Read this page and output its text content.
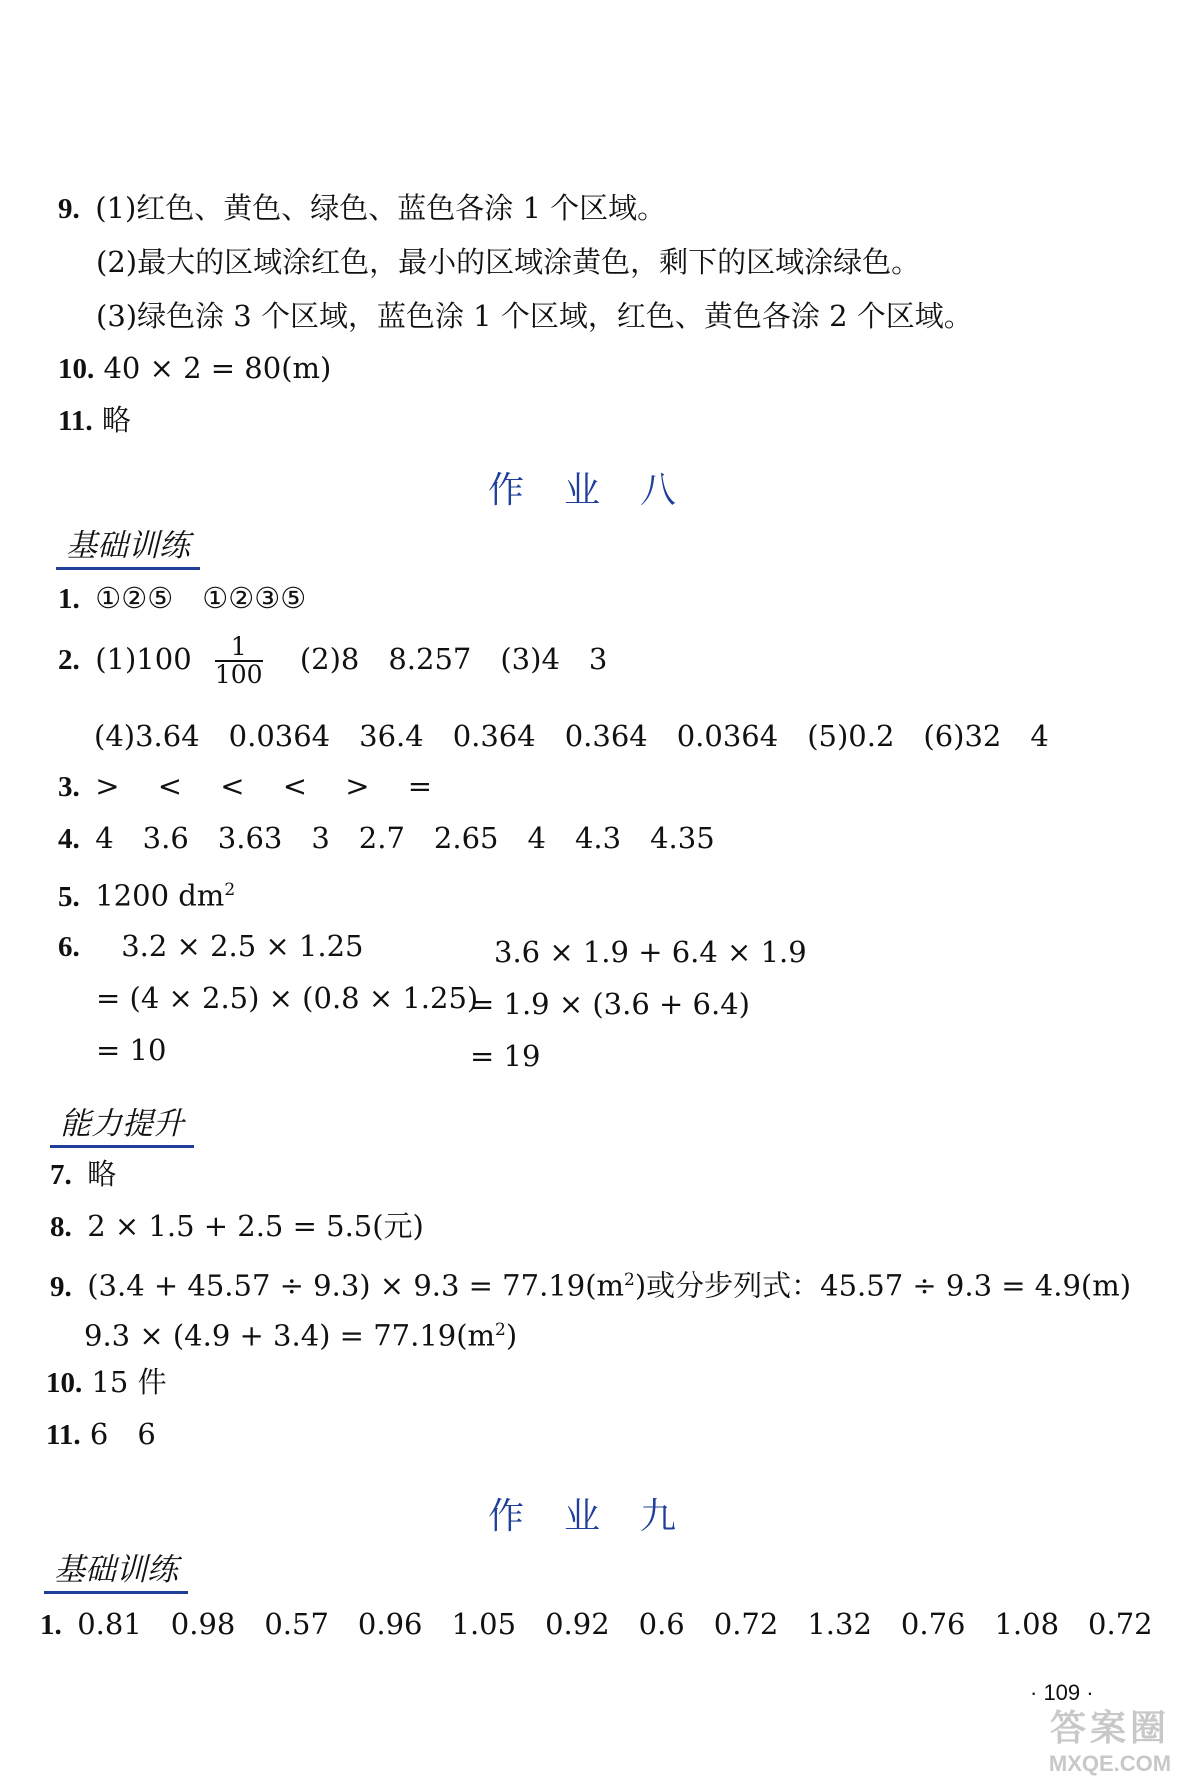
9. (1)红色、黄色、绿色、蓝色各涂 1 个区域。
(2)最大的区域涂红色，最小的区域涂黄色，剩下的区域涂绿色。
(3)绿色涂 3 个区域，蓝色涂 1 个区域，红色、黄色各涂 2 个区域。
10. 40 × 2 = 80(m)
11. 略
作业八
基础训练
1. ①②⑤　①②③⑤
2. $(1)100 \frac{1}{100} (2)8$　8.257　(3)4　3
(4)3.64　0.0364　36.4　0.364　0.364　0.0364　(5)0.2　(6)32　4
3. >　 <　 <　 <　 >　 =
4. 4　3.6　3.63　3　2.7　2.65　4　4.3　4.35
5. 1200 $dm^2$
6. 3.2 × 2.5 × 1.25
= (4 × 2.5) × (0.8 × 1.25)
= 10
3.6 × 1.9 + 6.4 × 1.9
= 1.9 × (3.6 + 6.4)
= 19
能力提升
7. 略
8. 2 × 1.5 + 2.5 = 5.5(元)
9. $(3.4 + 45.57 \div 9.3) \times 9.3 = 77.19(m^2)$或分步列式：45.57 ÷ 9.3 = 4.9(m)
$9.3 \times (4.9 + 3.4) = 77.19(m^2)$
10. 15 件
11. 6　6
作业九
基础训练
1. 0.81　0.98　0.57　0.96　1.05　0.92　0.6　0.72　1.32　0.76　1.08　0.72
· 109 ·
答案圈
MXQE.COM
